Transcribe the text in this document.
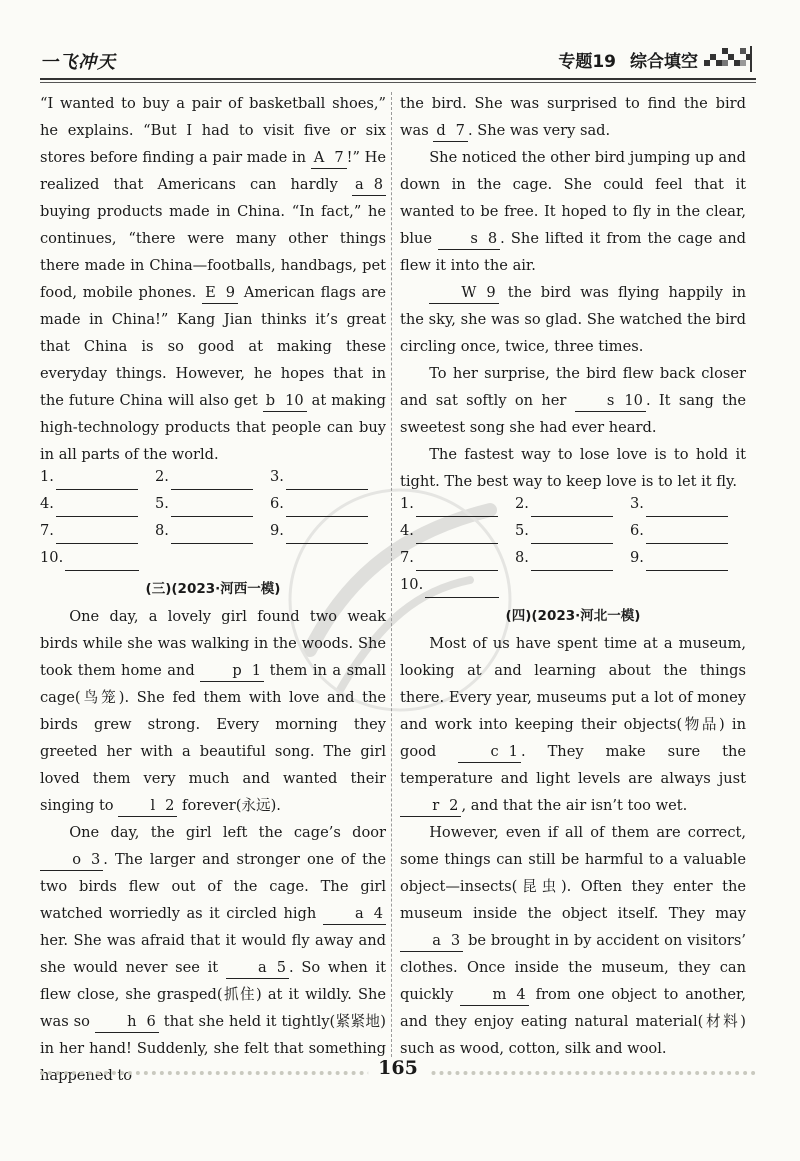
一飞冲天	专题19 综合填空

“I wanted to buy a pair of basketball shoes,” he explains. “But I had to visit five or six stores before finding a pair made in A 7 !” He realized that Americans can hardly a 8 buying products made in China. “In fact,” he continues, “there were many other things there made in China—footballs, handbags, pet food, mobile phones. E 9 American flags are made in China!” Kang Jian thinks it’s great that China is so good at making these everyday things. However, he hopes that in the future China will also get b 10 at making high-technology products that people can buy in all parts of the world.

1.	2.	3.
4.	5.	6.
7.	8.	9.
10.
(三)(2023·河西一模)

One day, a lovely girl found two weak birds while she was walking in the woods. She took them home and	p 1 them in a small cage(鸟笼). She fed them with love and the birds grew strong. Every morning they greeted her with a beautiful song. The girl loved them very much and wanted their singing to	l 2 forever(永远).

One day, the girl left the cage’s door o 3 . The larger and stronger one of the two birds flew out of the cage. The girl watched worriedly as it circled high	a 4 her. She was afraid that it would fly away and she would never see it	a 5 . So when it flew close, she grasped(抓住) at it wildly. She was so	h 6 that she held it tightly(紧紧地) in her hand! Suddenly, she felt that something happened to

the bird. She was surprised to find the bird was d 7 . She was very sad.

She noticed the other bird jumping up and down in the cage. She could feel that it wanted to be free. It hoped to fly in the clear, blue	s 8 . She lifted it from the cage and flew it into the air.

W 9 the bird was flying happily in the sky, she was so glad. She watched the bird circling once, twice, three times.

To her surprise, the bird flew back closer and sat softly on her	s 10 . It sang the sweetest song she had ever heard.

The fastest way to lose love is to hold it tight. The best way to keep love is to let it fly.

1.	2.	3.
4.	5.	6.
7.	8.	9.
10.
(四)(2023·河北一模)

Most of us have spent time at a museum, looking at and learning about the things there. Every year, museums put a lot of money and work into keeping their objects(物品) in good	c 1 . They make sure the temperature and light levels are always just r 2 , and that the air isn’t too wet.

However, even if all of them are correct, some things can still be harmful to a valuable object—insects(昆虫). Often they enter the museum inside the object itself. They may a 3 be brought in by accident on visitors’ clothes. Once inside the museum, they can quickly	m 4 from one object to another, and they enjoy eating natural material(材料) such as wood, cotton, silk and wool.

165
